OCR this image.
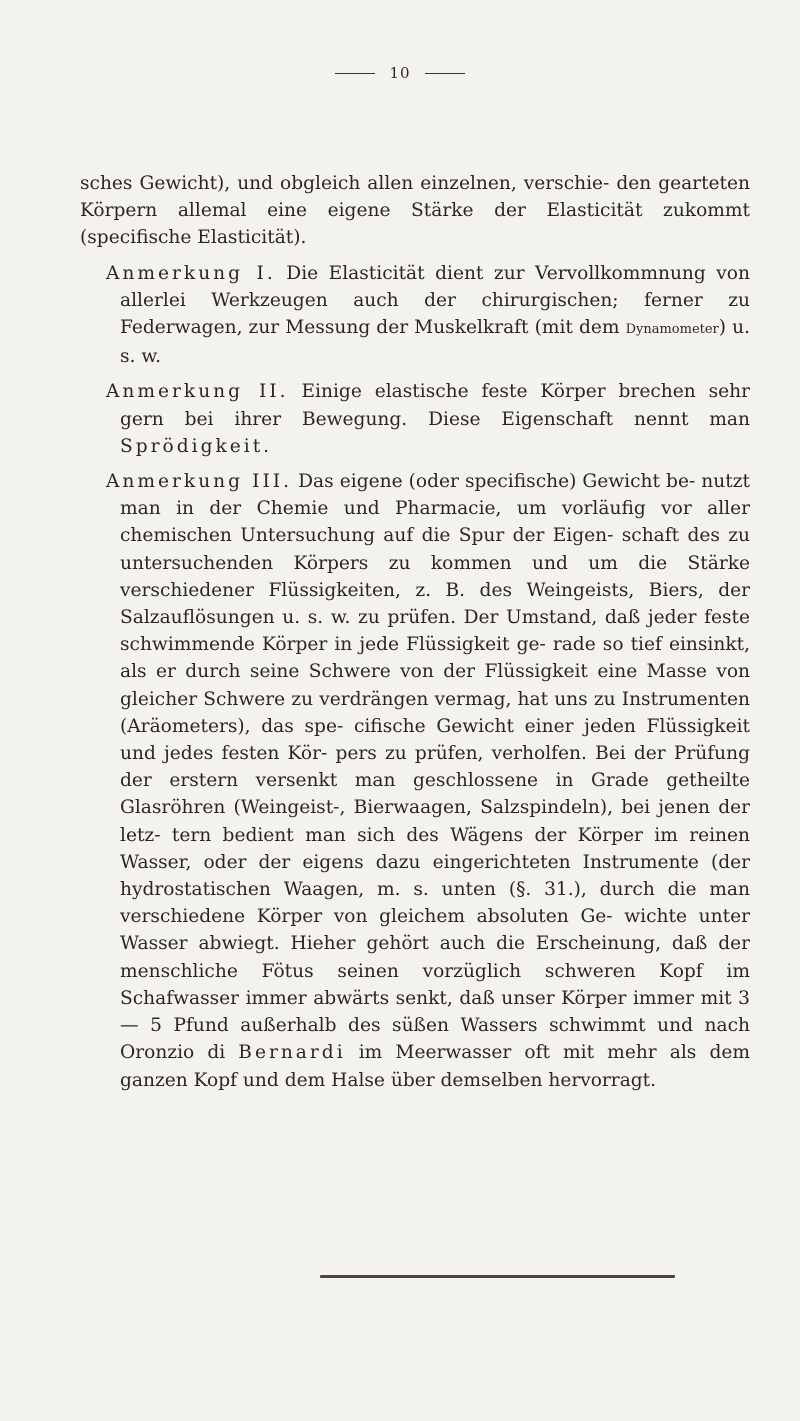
10

sches Gewicht), und obgleich allen einzelnen, verschie- den gearteten Körpern allemal eine eigene Stärke der Elasticität zukommt (specifische Elasticität).

Anmerkung I. Die Elasticität dient zur Vervollkommnung von allerlei Werkzeugen auch der chirurgischen; ferner zu Federwagen, zur Messung der Muskelkraft (mit dem Dynamometer) u. s. w.

Anmerkung II. Einige elastische feste Körper brechen sehr gern bei ihrer Bewegung. Diese Eigenschaft nennt man Sprödigkeit.

Anmerkung III. Das eigene (oder specifische) Gewicht be- nutzt man in der Chemie und Pharmacie, um vorläufig vor aller chemischen Untersuchung auf die Spur der Eigen- schaft des zu untersuchenden Körpers zu kommen und um die Stärke verschiedener Flüssigkeiten, z. B. des Weingeists, Biers, der Salzauflösungen u. s. w. zu prüfen. Der Umstand, daß jeder feste schwimmende Körper in jede Flüssigkeit ge- rade so tief einsinkt, als er durch seine Schwere von der Flüssigkeit eine Masse von gleicher Schwere zu verdrängen vermag, hat uns zu Instrumenten (Aräometers), das spe- cifische Gewicht einer jeden Flüssigkeit und jedes festen Kör- pers zu prüfen, verholfen. Bei der Prüfung der erstern versenkt man geschlossene in Grade getheilte Glasröhren (Weingeist-, Bierwaagen, Salzspindeln), bei jenen der letz- tern bedient man sich des Wägens der Körper im reinen Wasser, oder der eigens dazu eingerichteten Instrumente (der hydrostatischen Waagen, m. s. unten (§. 31.), durch die man verschiedene Körper von gleichem absoluten Ge- wichte unter Wasser abwiegt. Hieher gehört auch die Erscheinung, daß der menschliche Fötus seinen vorzüglich schweren Kopf im Schafwasser immer abwärts senkt, daß unser Körper immer mit 3 — 5 Pfund außerhalb des süßen Wassers schwimmt und nach Oronzio di Bernardi im Meerwasser oft mit mehr als dem ganzen Kopf und dem Halse über demselben hervorragt.
